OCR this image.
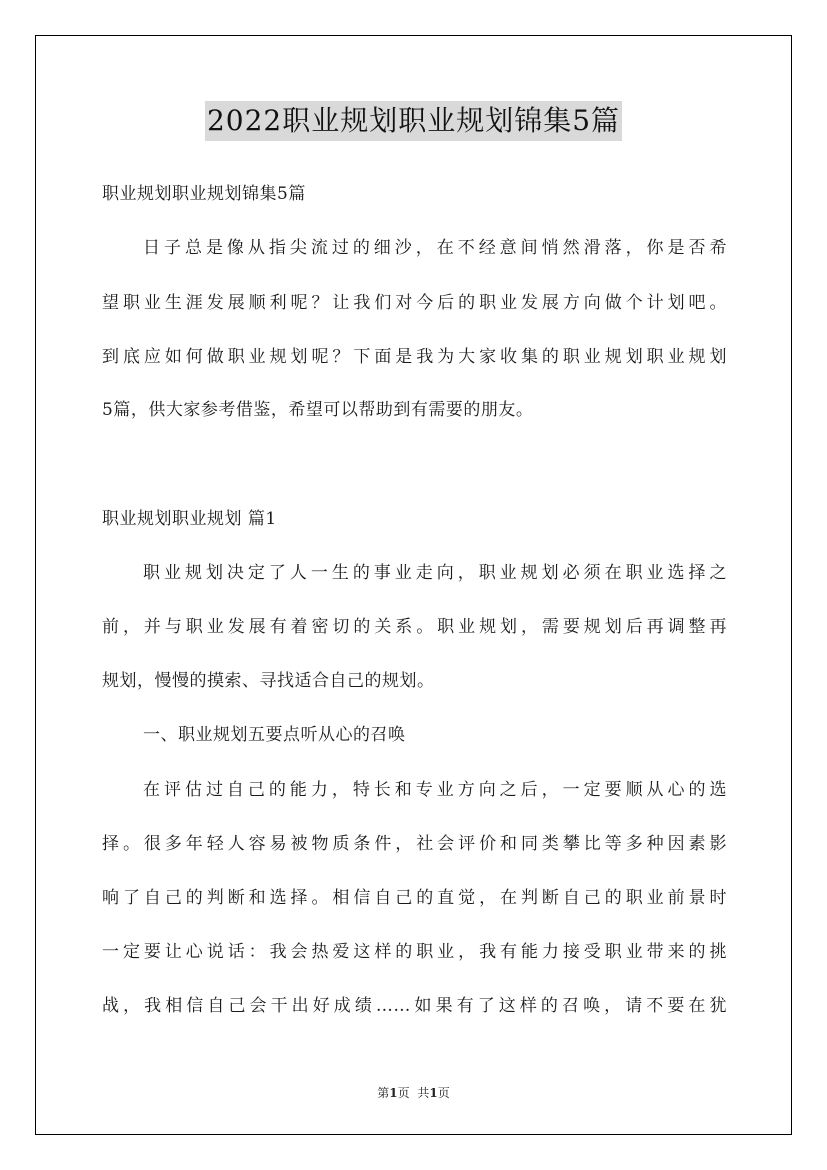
2022职业规划职业规划锦集5篇
职业规划职业规划锦集5篇
日子总是像从指尖流过的细沙，在不经意间悄然滑落，你是否希
望职业生涯发展顺利呢？让我们对今后的职业发展方向做个计划吧。
到底应如何做职业规划呢？下面是我为大家收集的职业规划职业规划
5篇，供大家参考借鉴，希望可以帮助到有需要的朋友。
职业规划职业规划 篇1
职业规划决定了人一生的事业走向，职业规划必须在职业选择之
前，并与职业发展有着密切的关系。职业规划，需要规划后再调整再
规划，慢慢的摸索、寻找适合自己的规划。
一、职业规划五要点听从心的召唤
在评估过自己的能力，特长和专业方向之后，一定要顺从心的选
择。很多年轻人容易被物质条件，社会评价和同类攀比等多种因素影
响了自己的判断和选择。相信自己的直觉，在判断自己的职业前景时
一定要让心说话：我会热爱这样的职业，我有能力接受职业带来的挑
战，我相信自己会干出好成绩……如果有了这样的召唤，请不要在犹
第1页 共1页
